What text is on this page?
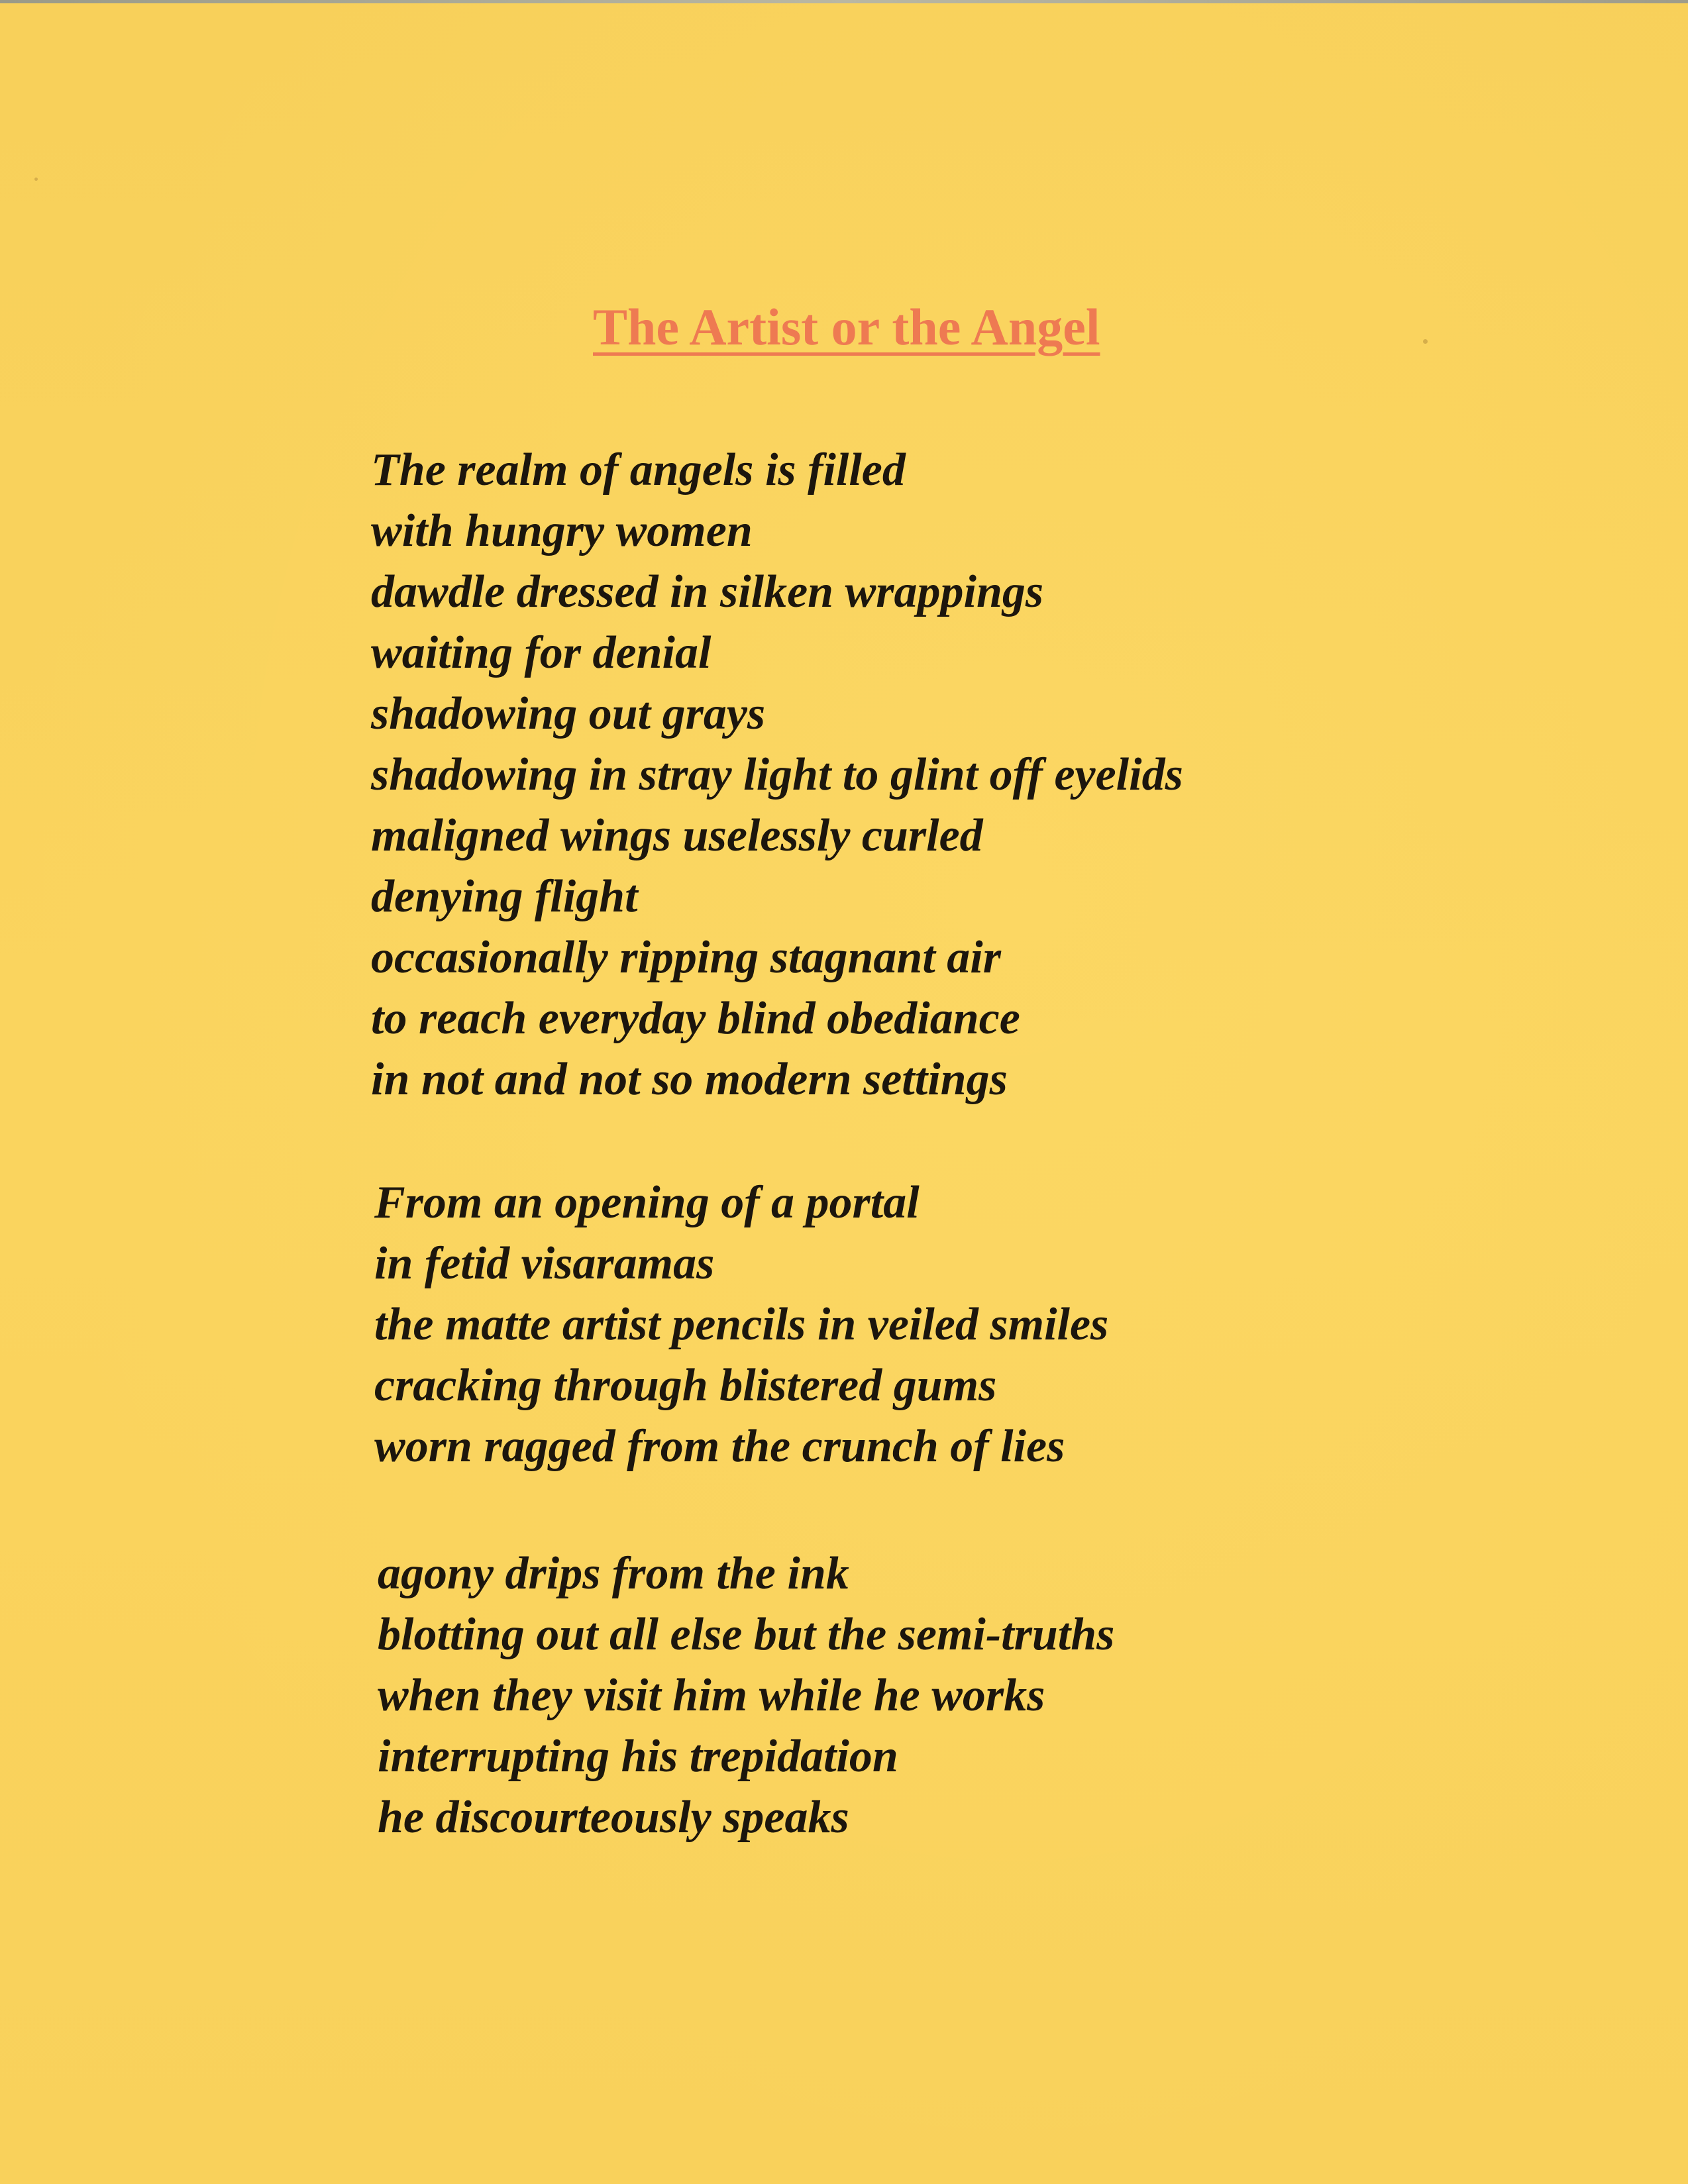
The Artist or the Angel
The realm of angels is filled
with hungry women
dawdle dressed in silken wrappings
waiting for denial
shadowing out grays
shadowing in stray light to glint off eyelids
maligned wings uselessly curled
denying flight
occasionally ripping stagnant air
to reach everyday blind obediance
in not and not so modern settings
From an opening of a portal
in fetid visaramas
the matte artist pencils in veiled smiles
cracking through blistered gums
worn ragged from the crunch of lies
agony drips from the ink
blotting out all else but the semi-truths
when they visit him while he works
interrupting his trepidation
he discourteously speaks
